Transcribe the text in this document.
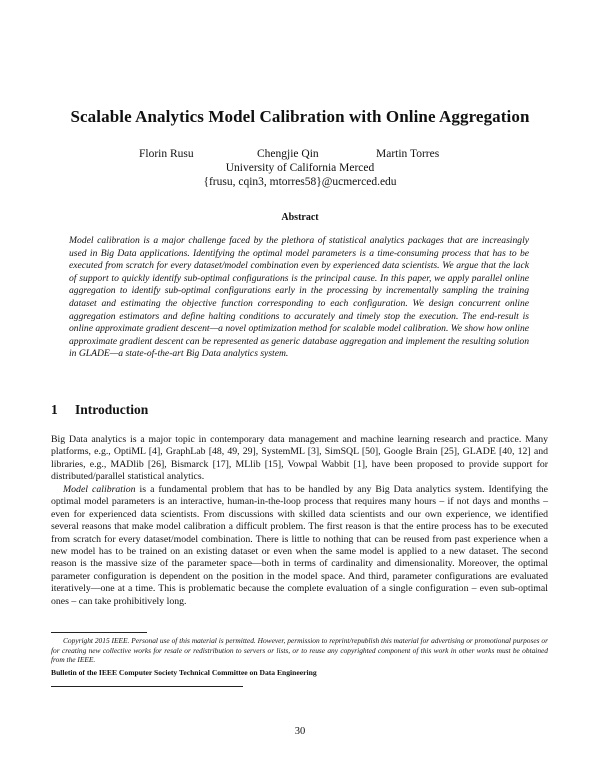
Scalable Analytics Model Calibration with Online Aggregation
Florin Rusu	Chengjie Qin	Martin Torres
University of California Merced
{frusu, cqin3, mtorres58}@ucmerced.edu
Abstract
Model calibration is a major challenge faced by the plethora of statistical analytics packages that are increasingly used in Big Data applications. Identifying the optimal model parameters is a time-consuming process that has to be executed from scratch for every dataset/model combination even by experienced data scientists. We argue that the lack of support to quickly identify sub-optimal configurations is the principal cause. In this paper, we apply parallel online aggregation to identify sub-optimal configurations early in the processing by incrementally sampling the training dataset and estimating the objective function corresponding to each configuration. We design concurrent online aggregation estimators and define halting conditions to accurately and timely stop the execution. The end-result is online approximate gradient descent—a novel optimization method for scalable model calibration. We show how online approximate gradient descent can be represented as generic database aggregation and implement the resulting solution in GLADE—a state-of-the-art Big Data analytics system.
1 Introduction

Big Data analytics is a major topic in contemporary data management and machine learning research and practice. Many platforms, e.g., OptiML [4], GraphLab [48, 49, 29], SystemML [3], SimSQL [50], Google Brain [25], GLADE [40, 12] and libraries, e.g., MADlib [26], Bismarck [17], MLlib [15], Vowpal Wabbit [1], have been proposed to provide support for distributed/parallel statistical analytics.

Model calibration is a fundamental problem that has to be handled by any Big Data analytics system. Identifying the optimal model parameters is an interactive, human-in-the-loop process that requires many hours – if not days and months – even for experienced data scientists. From discussions with skilled data scientists and our own experience, we identified several reasons that make model calibration a difficult problem. The first reason is that the entire process has to be executed from scratch for every dataset/model combination. There is little to nothing that can be reused from past experience when a new model has to be trained on an existing dataset or even when the same model is applied to a new dataset. The second reason is the massive size of the parameter space—both in terms of cardinality and dimensionality. Moreover, the optimal parameter configuration is dependent on the position in the model space. And third, parameter configurations are evaluated iteratively—one at a time. This is problematic because the complete evaluation of a single configuration – even sub-optimal ones – can take prohibitively long.

Copyright 2015 IEEE. Personal use of this material is permitted. However, permission to reprint/republish this material for advertising or promotional purposes or for creating new collective works for resale or redistribution to servers or lists, or to reuse any copyrighted component of this work in other works must be obtained from the IEEE.
Bulletin of the IEEE Computer Society Technical Committee on Data Engineering
30
